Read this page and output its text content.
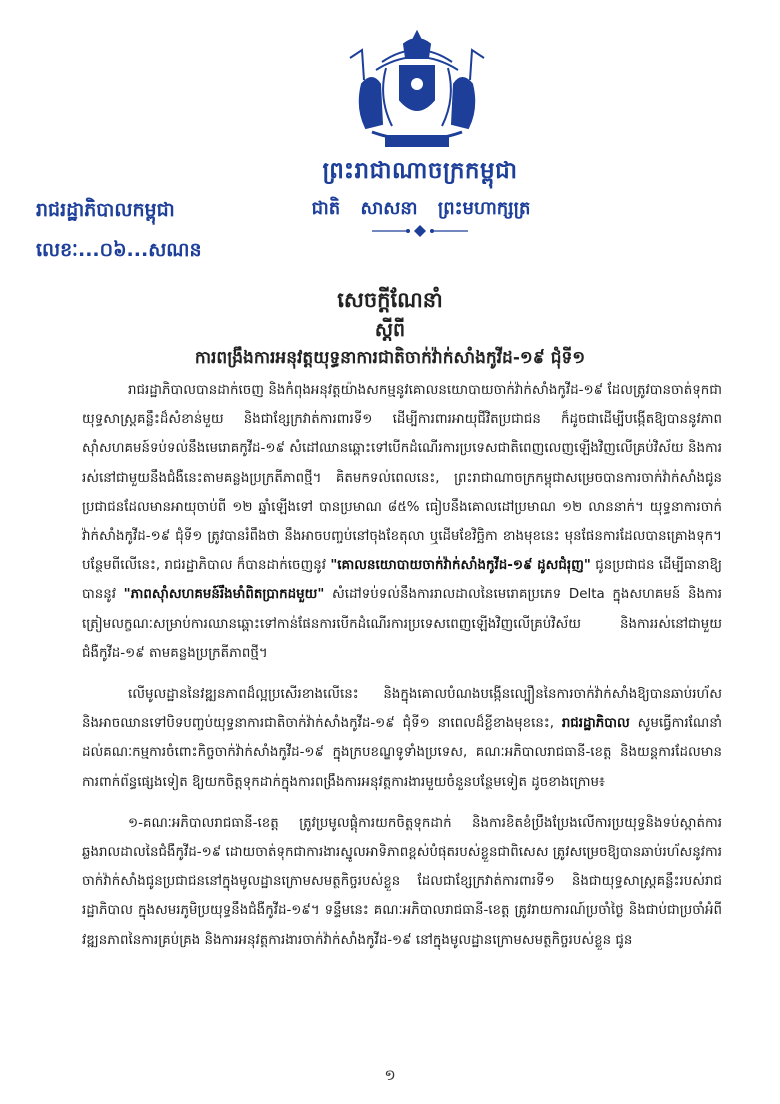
ព្រះរាជាណាចក្រកម្ពុជា
ជាតិ សាសនា ព្រះមហាក្សត្រ
រាជរដ្ឋាភិបាលកម្ពុជា
លេខៈ...០៦...សណន
សេចក្តីណែនាំ
ស្តីពី
ការពង្រឹងការអនុវត្តយុទ្ធនាការជាតិចាក់វ៉ាក់សាំងកូវីដ-១៩ ជុំទី១

រាជរដ្ឋាភិបាលបានដាក់ចេញ និងកំពុងអនុវត្តយ៉ាងសកម្មនូវគោលនយោបាយចាក់វ៉ាក់សាំងកូវីដ-១៩ ដែលត្រូវបានចាត់ទុកជាយុទ្ធសាស្ត្រគន្លឹះដ៏សំខាន់មួយ និងជាខ្សែក្រវាត់ការពារទី១ ដើម្បីការពារអាយុជីវិតប្រជាជន ក៏ដូចជាដើម្បីបង្កើតឱ្យបាននូវភាពស៊ាំសហគមន៍ទប់ទល់នឹងមេរោគកូវីដ-១៩ សំដៅឈានឆ្ពោះទៅបើកដំណើរការប្រទេសជាតិពេញលេញឡើងវិញលើគ្រប់វិស័យ និងការរស់នៅជាមួយនឹងជំងឺនេះតាមគន្លងប្រក្រតីភាពថ្មី។ គិតមកទល់ពេលនេះ, ព្រះរាជាណាចក្រកម្ពុជាសម្រេចបានការចាក់វ៉ាក់សាំងជូនប្រជាជនដែលមានអាយុចាប់ពី ១២ ឆ្នាំឡើងទៅ បានប្រមាណ ៨៥% ធៀបនឹងគោលដៅប្រមាណ ១២ លាននាក់។ យុទ្ធនាការចាក់វ៉ាក់សាំងកូវីដ-១៩ ជុំទី១ ត្រូវបានរំពឹងថា នឹងអាចបញ្ចប់នៅចុងខែតុលា ឬដើមខែវិច្ឆិកា ខាងមុខនេះ មុនផែនការដែលបានគ្រោងទុក។ បន្ថែមពីលើនេះ, រាជរដ្ឋាភិបាល ក៏បានដាក់ចេញនូវ "គោលនយោបាយចាក់វ៉ាក់សាំងកូវីដ-១៩ ដូសជំរុញ" ជូនប្រជាជន ដើម្បីធានាឱ្យបាននូវ "ភាពស៊ាំសហគមន៍រឹងមាំពិតប្រាកដមួយ" សំដៅទប់ទល់នឹងការរាលដាលនៃមេរោគប្រភេទ Delta ក្នុងសហគមន៍ និងការត្រៀមលក្ខណៈសម្រាប់ការឈានឆ្ពោះទៅកាន់ផែនការបើកដំណើរការប្រទេសពេញឡើងវិញលើគ្រប់វិស័យ និងការរស់នៅជាមួយជំងឺកូវីដ-១៩ តាមគន្លងប្រក្រតីភាពថ្មី។

លើមូលដ្ឋាននៃវឌ្ឍនភាពដ៏ល្អប្រសើរខាងលើនេះ និងក្នុងគោលបំណងបង្កើនល្បឿននៃការចាក់វ៉ាក់សាំងឱ្យបានឆាប់រហ័ស និងអាចឈានទៅបិទបញ្ចប់យុទ្ធនាការជាតិចាក់វ៉ាក់សាំងកូវីដ-១៩ ជុំទី១ នាពេលដ៏ខ្លីខាងមុខនេះ, រាជរដ្ឋាភិបាល សូមធ្វើការណែនាំដល់គណៈកម្មការចំពោះកិច្ចចាក់វ៉ាក់សាំងកូវីដ-១៩ ក្នុងក្របខណ្ឌទូទាំងប្រទេស, គណៈអភិបាលរាជធានី-ខេត្ត និងយន្តការដែលមានការពាក់ព័ន្ធផ្សេងទៀត ឱ្យយកចិត្តទុកដាក់ក្នុងការពង្រឹងការអនុវត្តការងារមួយចំនួនបន្ថែមទៀត ដូចខាងក្រោម៖

១-គណៈអភិបាលរាជធានី-ខេត្ត ត្រូវប្រមូលផ្តុំការយកចិត្តទុកដាក់ និងការខិតខំប្រឹងប្រែងលើការប្រយុទ្ធនិងទប់ស្កាត់ការឆ្លងរាលដាលនៃជំងឺកូវីដ-១៩ ដោយចាត់ទុកជាការងារស្នូលអាទិភាពខ្ពស់បំផុតរបស់ខ្លួនជាពិសេស ត្រូវសម្រេចឱ្យបានឆាប់រហ័សនូវការចាក់វ៉ាក់សាំងជូនប្រជាជននៅក្នុងមូលដ្ឋានក្រោមសមត្ថកិច្ចរបស់ខ្លួន ដែលជាខ្សែក្រវាត់ការពារទី១ និងជាយុទ្ធសាស្ត្រគន្លឹះរបស់រាជរដ្ឋាភិបាល ក្នុងសមរភូមិប្រយុទ្ធនឹងជំងឺកូវីដ-១៩។ ទន្ទឹមនេះ គណៈអភិបាលរាជធានី-ខេត្ត ត្រូវរាយការណ៍ប្រចាំថ្ងៃ និងជាប់ជាប្រចាំអំពីវឌ្ឍនភាពនៃការគ្រប់គ្រង និងការអនុវត្តការងារចាក់វ៉ាក់សាំងកូវីដ-១៩ នៅក្នុងមូលដ្ឋានក្រោមសមត្ថកិច្ចរបស់ខ្លួន ជូន

១
